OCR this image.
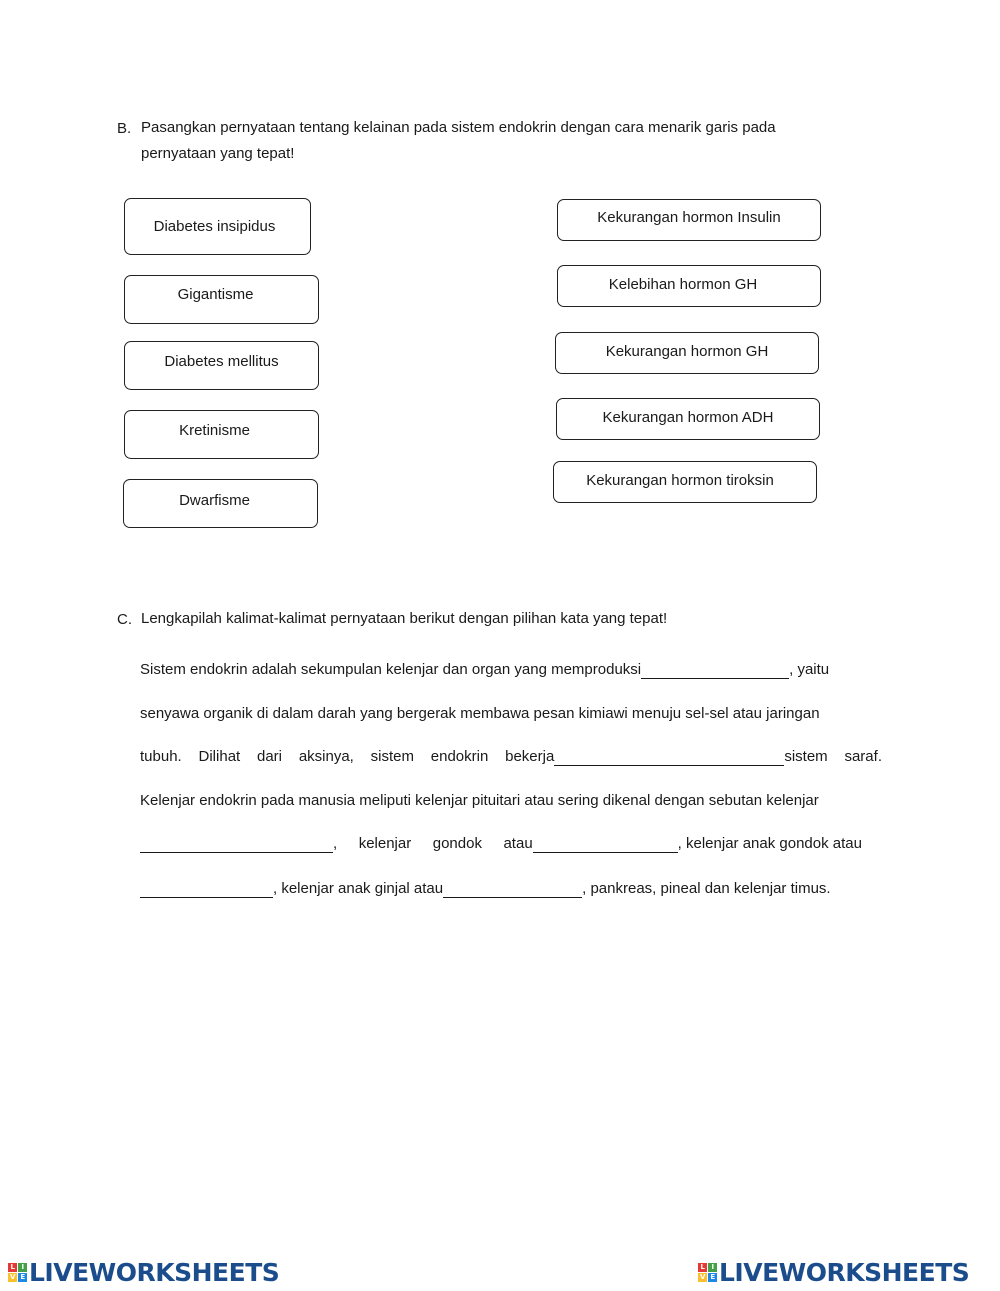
B. Pasangkan pernyataan tentang kelainan pada sistem endokrin dengan cara menarik garis pada
pernyataan yang tepat!
Diabetes insipidus
Gigantisme
Diabetes mellitus
Kretinisme
Dwarfisme
Kekurangan hormon Insulin
Kelebihan hormon GH
Kekurangan hormon GH
Kekurangan hormon ADH
Kekurangan hormon tiroksin
C. Lengkapilah kalimat-kalimat pernyataan berikut dengan pilihan kata yang tepat!
Sistem endokrin adalah sekumpulan kelenjar dan organ yang memproduksi	, yaitu
senyawa organik di dalam darah yang bergerak membawa pesan kimiawi menuju sel-sel atau jaringan
tubuh. Dilihat dari aksinya, sistem endokrin bekerja	sistem saraf.
Kelenjar endokrin pada manusia meliputi kelenjar pituitari atau sering dikenal dengan sebutan kelenjar
, kelenjar gondok atau	, kelenjar anak gondok atau
, kelenjar anak ginjal atau	, pankreas, pineal dan kelenjar timus.
L I
V E LIVEWORKSHEETS	L I
V E LIVEWORKSHEETS
